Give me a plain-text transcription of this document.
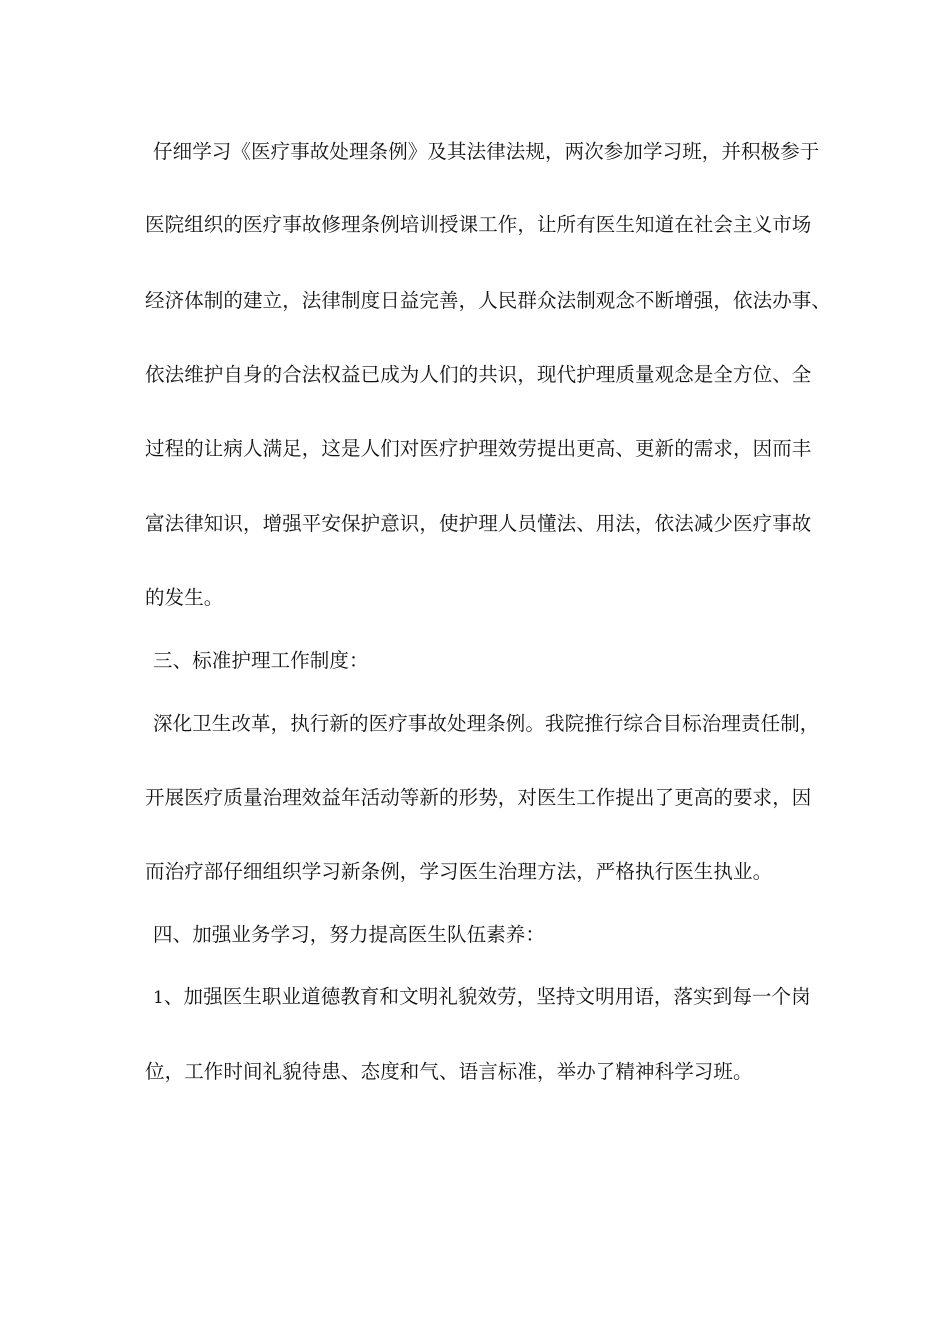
仔细学习《医疗事故处理条例》及其法律法规，两次参加学习班，并积极参于
医院组织的医疗事故修理条例培训授课工作，让所有医生知道在社会主义市场
经济体制的建立，法律制度日益完善，人民群众法制观念不断增强，依法办事、
依法维护自身的合法权益已成为人们的共识，现代护理质量观念是全方位、全
过程的让病人满足，这是人们对医疗护理效劳提出更高、更新的需求，因而丰
富法律知识，增强平安保护意识，使护理人员懂法、用法，依法减少医疗事故
的发生。
三、标准护理工作制度：
深化卫生改革，执行新的医疗事故处理条例。我院推行综合目标治理责任制，
开展医疗质量治理效益年活动等新的形势，对医生工作提出了更高的要求，因
而治疗部仔细组织学习新条例，学习医生治理方法，严格执行医生执业。
四、加强业务学习，努力提高医生队伍素养：
1、加强医生职业道德教育和文明礼貌效劳，坚持文明用语，落实到每一个岗
位，工作时间礼貌待患、态度和气、语言标准，举办了精神科学习班。
